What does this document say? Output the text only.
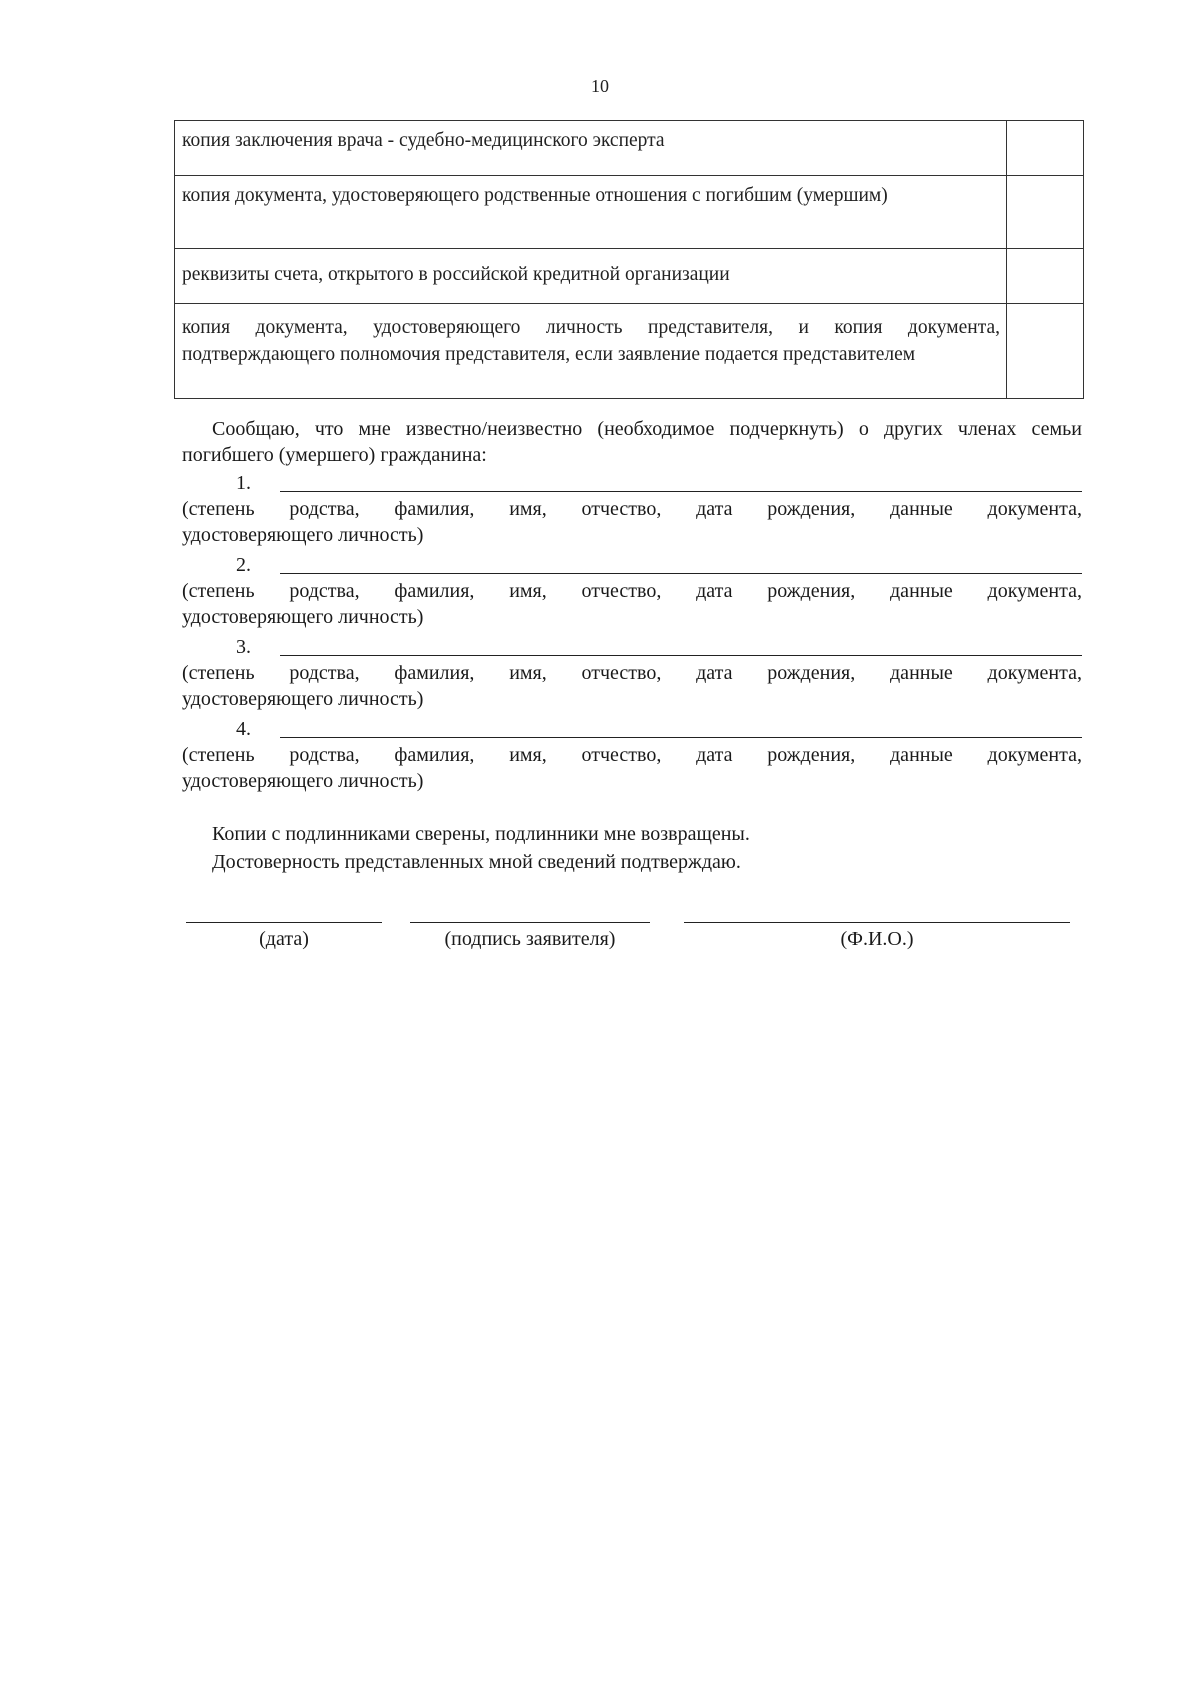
10
копия заключения врача - судебно-медицинского эксперта	

копия документа, удостоверяющего родственные отношения с погибшим (умершим)	

реквизиты счета, открытого в российской кредитной организации	

копия документа, удостоверяющего личность представителя, и копия документа, подтверждающего полномочия представителя, если заявление подается представителем	

Сообщаю, что мне известно/неизвестно (необходимое подчеркнуть) о других членах семьи погибшего (умершего) гражданина:
1.
(степень родства, фамилия, имя, отчество, дата рождения, данные документа,
удостоверяющего личность)
2.
(степень родства, фамилия, имя, отчество, дата рождения, данные документа,
удостоверяющего личность)
3.
(степень родства, фамилия, имя, отчество, дата рождения, данные документа,
удостоверяющего личность)
4.
(степень родства, фамилия, имя, отчество, дата рождения, данные документа,
удостоверяющего личность)
Копии с подлинниками сверены, подлинники мне возвращены.
Достоверность представленных мной сведений подтверждаю.
(дата)	(подпись заявителя)	(Ф.И.О.)
